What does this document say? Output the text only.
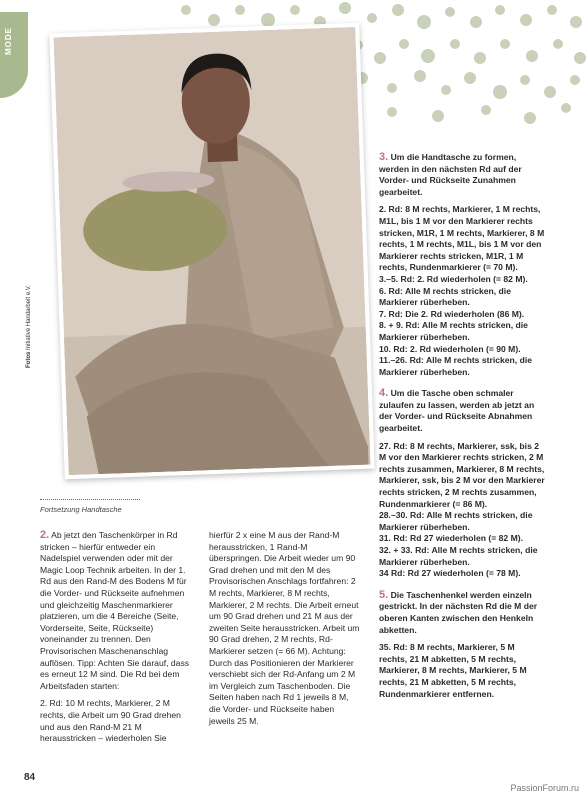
MODE
Fotos Initiative Handarbeit e.V.
Fortsetzung Handtasche

2. Ab jetzt den Taschenkörper in Rd stricken – hierfür entweder ein Nadelspiel verwenden oder mit der Magic Loop Technik arbeiten. In der 1. Rd aus den Rand-M des Bodens M für die Vorder- und Rückseite aufnehmen und gleichzeitig Maschenmarkierer platzieren, um die 4 Bereiche (Seite, Vorderseite, Seite, Rückseite) voneinander zu trennen. Den Provisorischen Maschenanschlag auflösen. Tipp: Achten Sie darauf, dass es erneut 12 M sind. Die Rd bei dem Arbeitsfaden starten:

2. Rd: 10 M rechts, Markierer, 2 M rechts, die Arbeit um 90 Grad drehen und aus den Rand-M 21 M herausstricken – wiederholen Sie

hierfür 2 x eine M aus der Rand-M herausstricken, 1 Rand-M überspringen. Die Arbeit wieder um 90 Grad drehen und mit den M des Provisorischen Anschlags fortfahren: 2 M rechts, Markierer, 8 M rechts, Markierer, 2 M rechts. Die Arbeit erneut um 90 Grad drehen und 21 M aus der zweiten Seite herausstricken. Arbeit um 90 Grad drehen, 2 M rechts, Rd-Markierer setzen (= 66 M). Achtung: Durch das Positionieren der Markierer verschiebt sich der Rd-Anfang um 2 M im Vergleich zum Taschenboden. Die Seiten haben nach Rd 1 jeweils 8 M, die Vorder- und Rückseite haben jeweils 25 M.

3. Um die Handtasche zu formen, werden in den nächsten Rd auf der Vorder- und Rückseite Zunahmen gearbeitet.

2. Rd: 8 M rechts, Markierer, 1 M rechts, M1L, bis 1 M vor den Markierer rechts stricken, M1R, 1 M rechts, Markierer, 8 M rechts, 1 M rechts, M1L, bis 1 M vor den Markierer rechts stricken, M1R, 1 M rechts, Rundenmarkierer (= 70 M).
3.–5. Rd: 2. Rd wiederholen (= 82 M).
6. Rd: Alle M rechts stricken, die Markierer rüberheben.
7. Rd: Die 2. Rd wiederholen (86 M).
8. + 9. Rd: Alle M rechts stricken, die Markierer rüberheben.
10. Rd: 2. Rd wiederholen (= 90 M).
11.–26. Rd: Alle M rechts stricken, die Markierer rüberheben.

4. Um die Tasche oben schmaler zulaufen zu lassen, werden ab jetzt an der Vorder- und Rückseite Abnahmen gearbeitet.

27. Rd: 8 M rechts, Markierer, ssk, bis 2 M vor den Markierer rechts stricken, 2 M rechts zusammen, Markierer, 8 M rechts, Markierer, ssk, bis 2 M vor den Markierer rechts stricken, 2 M rechts zusammen, Rundenmarkierer (= 86 M).
28.–30. Rd: Alle M rechts stricken, die Markierer rüberheben.
31. Rd: Rd 27 wiederholen (= 82 M).
32. + 33. Rd: Alle M rechts stricken, die Markierer rüberheben.
34 Rd: Rd 27 wiederholen (= 78 M).

5. Die Taschenhenkel werden einzeln gestrickt. In der nächsten Rd die M der oberen Kanten zwischen den Henkeln abketten.

35. Rd: 8 M rechts, Markierer, 5 M rechts, 21 M abketten, 5 M rechts, Markierer, 8 M rechts, Markierer, 5 M rechts, 21 M abketten, 5 M rechts, Rundenmarkierer entfernen.

84
PassionForum.ru
